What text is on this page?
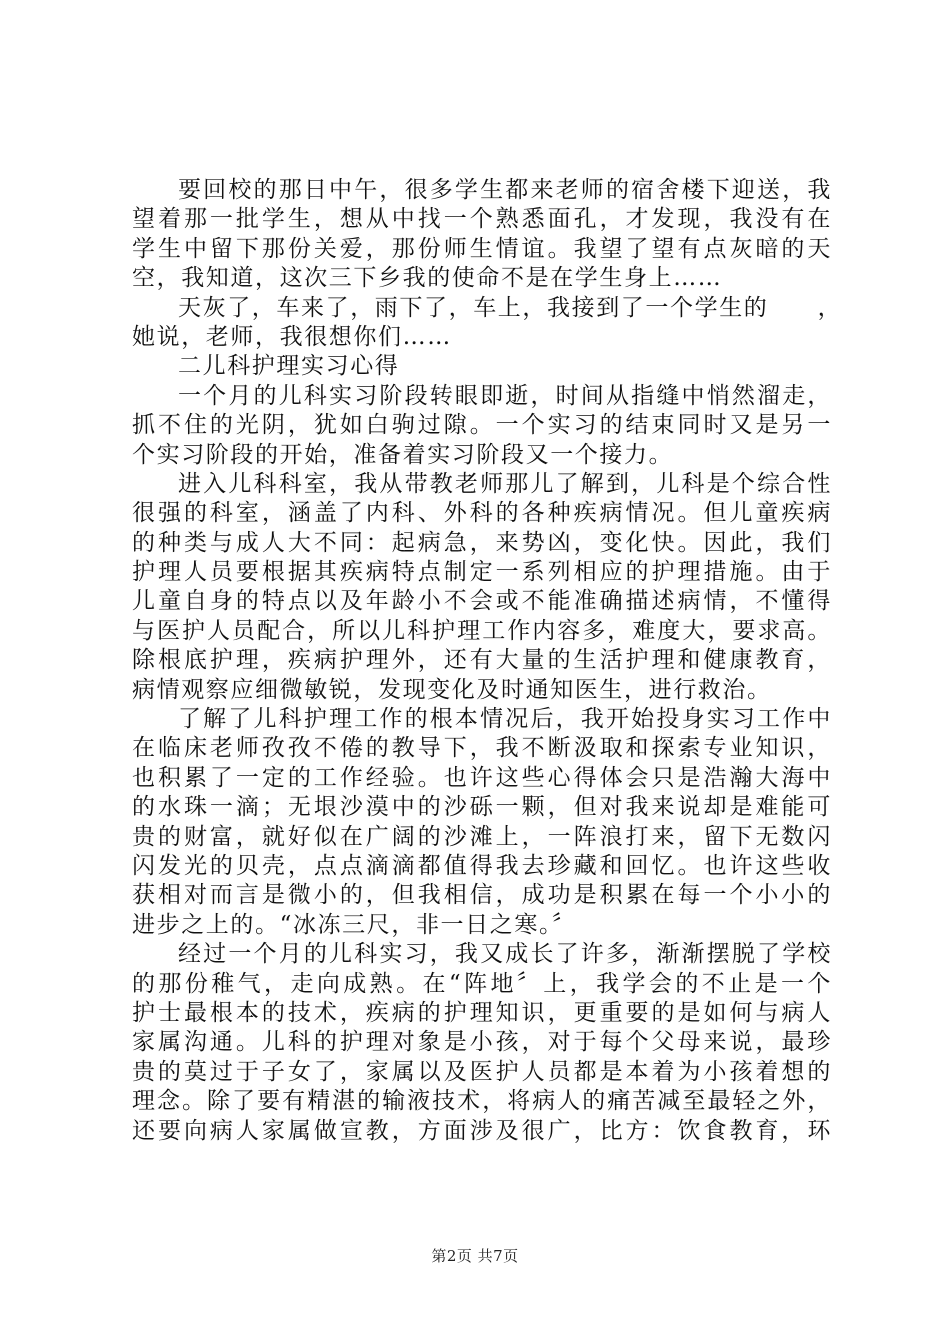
要回校的那日中午，很多学生都来老师的宿舍楼下迎送，我
望着那一批学生，想从中找一个熟悉面孔，才发现，我没有在
学生中留下那份关爱，那份师生情谊。我望了望有点灰暗的天
空，我知道，这次三下乡我的使命不是在学生身上……
天灰了，车来了，雨下了，车上，我接到了一个学生的　　，
她说，老师，我很想你们……
二儿科护理实习心得
一个月的儿科实习阶段转眼即逝，时间从指缝中悄然溜走，
抓不住的光阴，犹如白驹过隙。一个实习的结束同时又是另一
个实习阶段的开始，准备着实习阶段又一个接力。
进入儿科科室，我从带教老师那儿了解到，儿科是个综合性
很强的科室，涵盖了内科、外科的各种疾病情况。但儿童疾病
的种类与成人大不同：起病急，来势凶，变化快。因此，我们
护理人员要根据其疾病特点制定一系列相应的护理措施。由于
儿童自身的特点以及年龄小不会或不能准确描述病情，不懂得
与医护人员配合，所以儿科护理工作内容多，难度大，要求高。
除根底护理，疾病护理外，还有大量的生活护理和健康教育，
病情观察应细微敏锐，发现变化及时通知医生，进行救治。
了解了儿科护理工作的根本情况后，我开始投身实习工作中
在临床老师孜孜不倦的教导下，我不断汲取和探索专业知识，
也积累了一定的工作经验。也许这些心得体会只是浩瀚大海中
的水珠一滴；无垠沙漠中的沙砾一颗，但对我来说却是难能可
贵的财富，就好似在广阔的沙滩上，一阵浪打来，留下无数闪
闪发光的贝壳，点点滴滴都值得我去珍藏和回忆。也许这些收
获相对而言是微小的，但我相信，成功是积累在每一个小小的
进步之上的。“冰冻三尺，非一日之寒。〞
经过一个月的儿科实习，我又成长了许多，渐渐摆脱了学校
的那份稚气，走向成熟。在“阵地〞上，我学会的不止是一个
护士最根本的技术，疾病的护理知识，更重要的是如何与病人
家属沟通。儿科的护理对象是小孩，对于每个父母来说，最珍
贵的莫过于子女了，家属以及医护人员都是本着为小孩着想的
理念。除了要有精湛的输液技术，将病人的痛苦减至最轻之外，
还要向病人家属做宣教，方面涉及很广，比方：饮食教育，环
第2页 共7页
